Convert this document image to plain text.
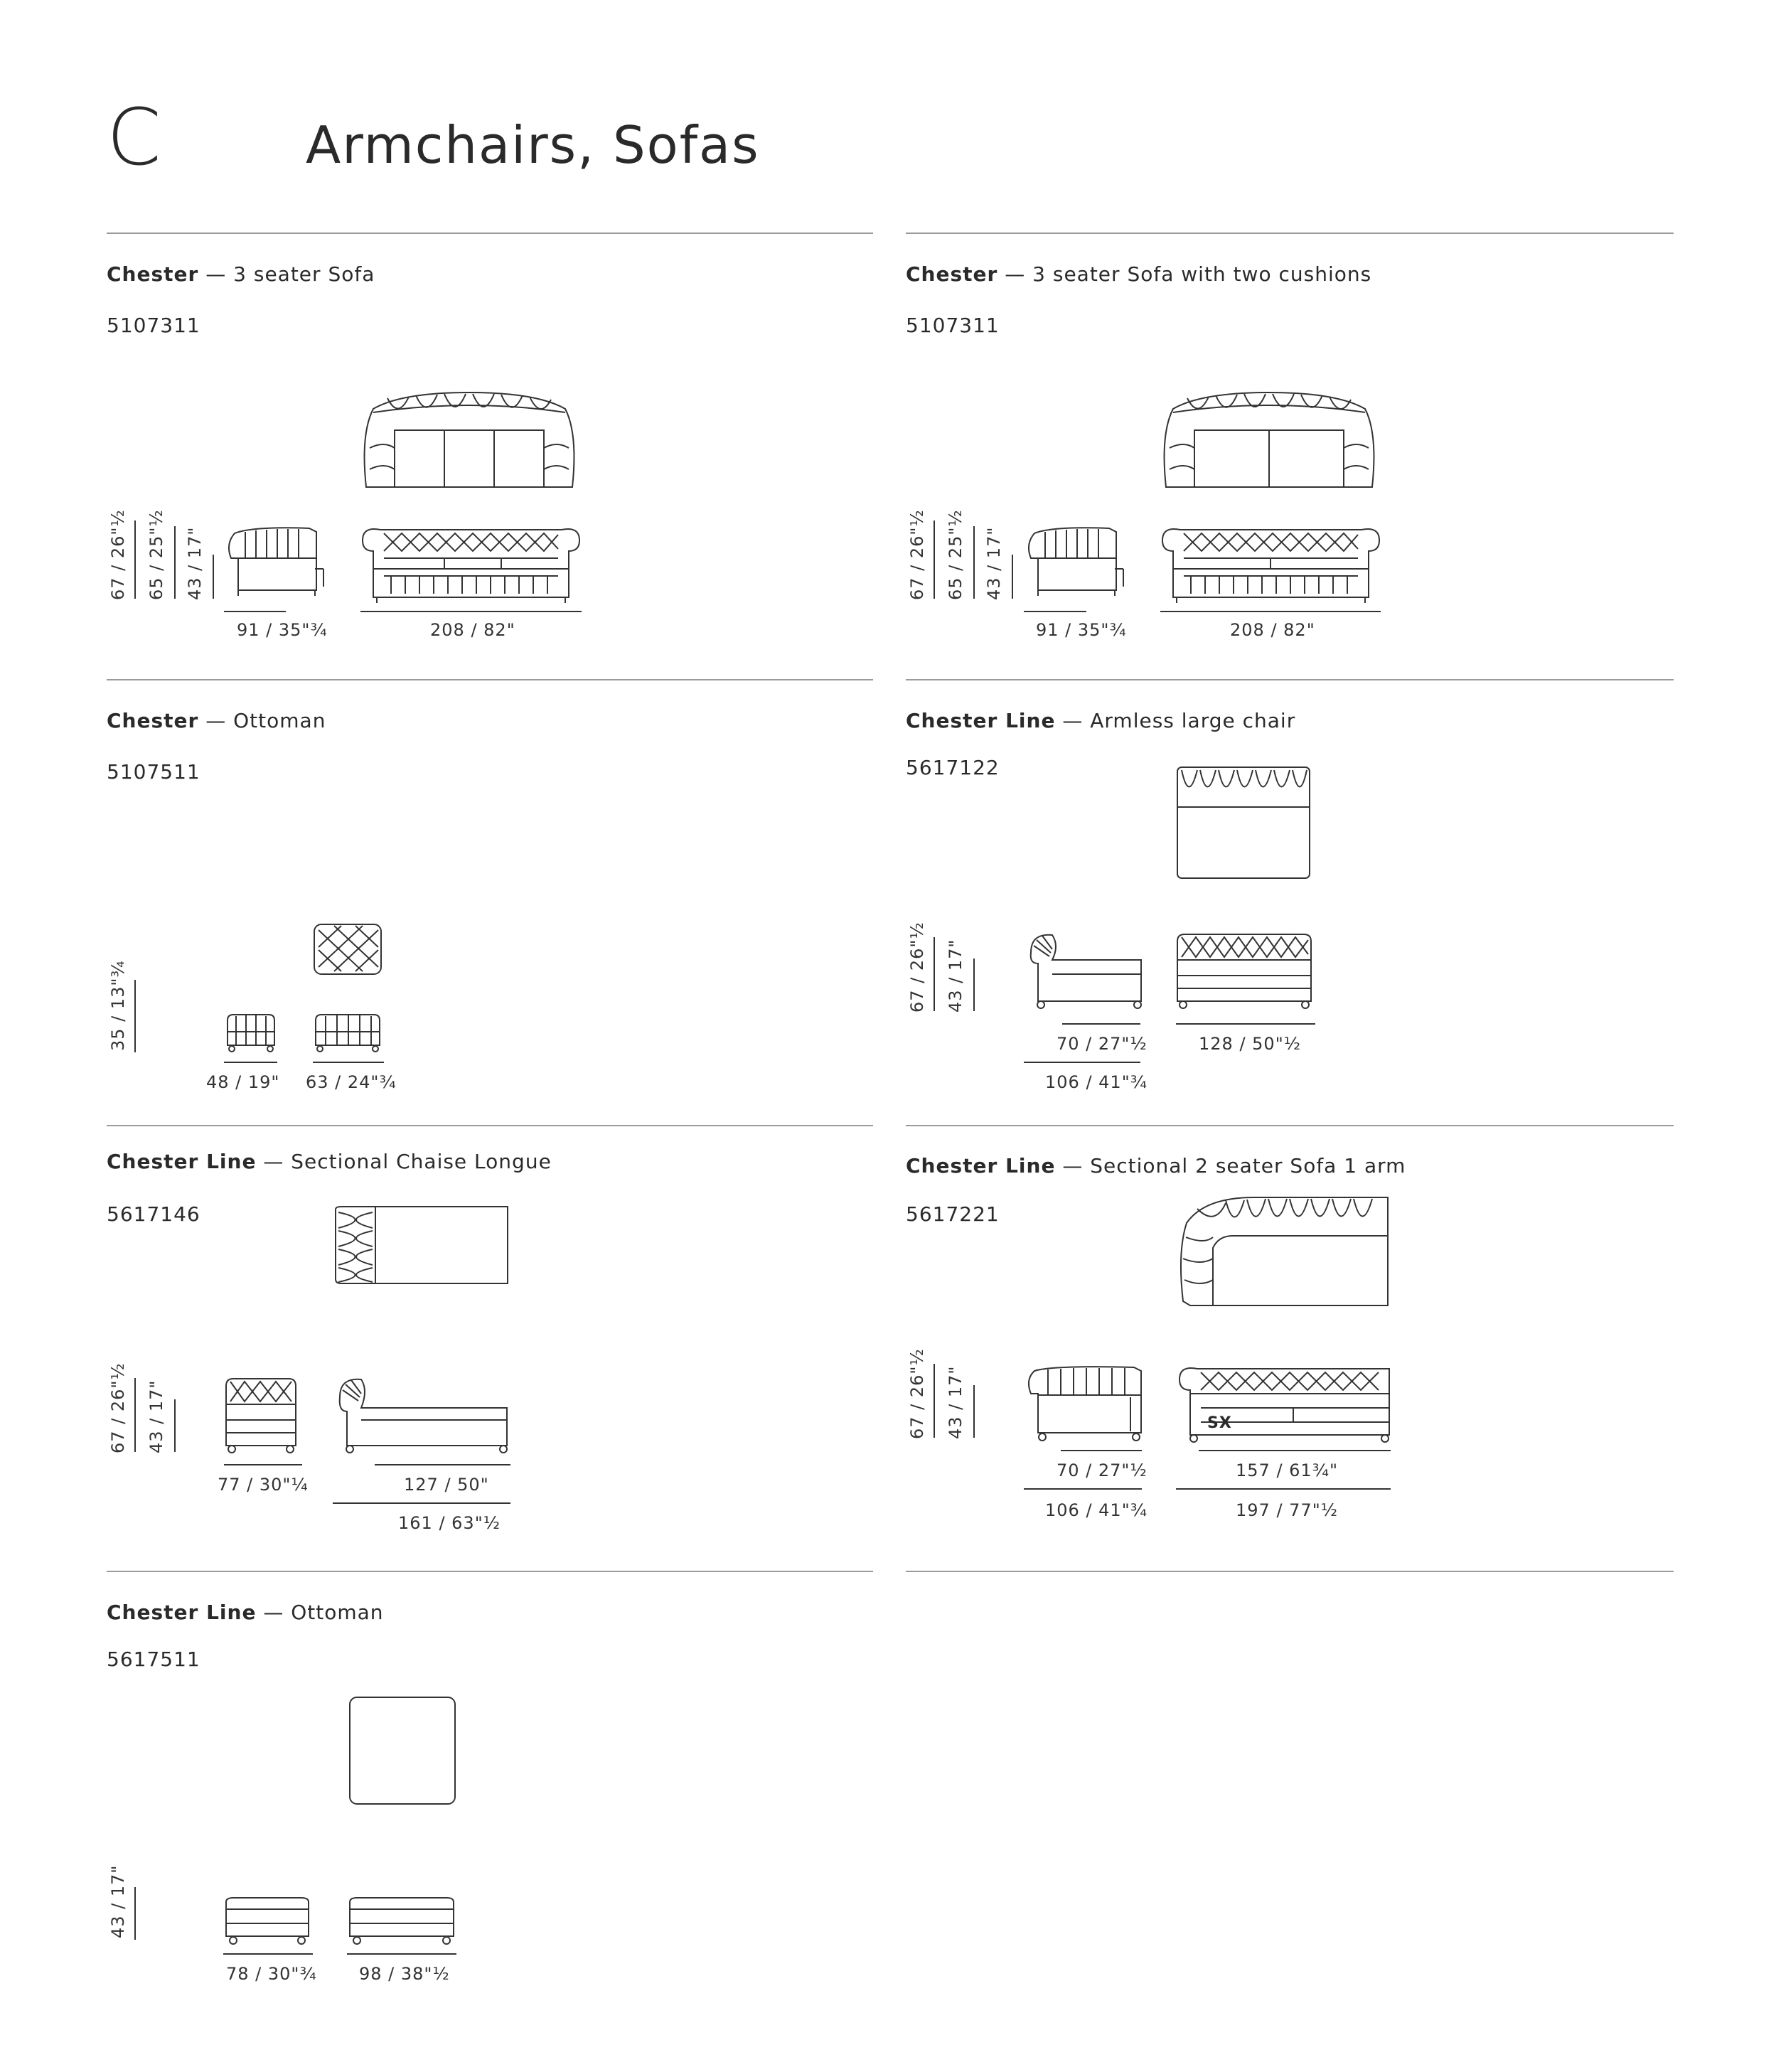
C	Armchairs, Sofas
Chester — 3 seater Sofa
5107311
67 / 26"½ 65 / 25"½ 43 / 17"
91 / 35"¾	208 / 82"
Chester — 3 seater Sofa with two cushions
5107311
67 / 26"½ 65 / 25"½ 43 / 17"
91 / 35"¾	208 / 82"
Chester — Ottoman
5107511
35 / 13"¾
48 / 19" 63 / 24"¾
Chester Line — Armless large chair
5617122
67 / 26"½ 43 / 17"
70 / 27"½	128 / 50"½
106 / 41"¾
Chester Line — Sectional Chaise Longue
5617146
67 / 26"½ 43 / 17"
77 / 30"¼	127 / 50"
161 / 63"½
Chester Line — Sectional 2 seater Sofa 1 arm
5617221
SX
67 / 26"½ 43 / 17"
70 / 27"½	157 / 61¾"
106 / 41"¾	197 / 77"½
Chester Line — Ottoman
5617511
43 / 17"
78 / 30"¾ 98 / 38"½
